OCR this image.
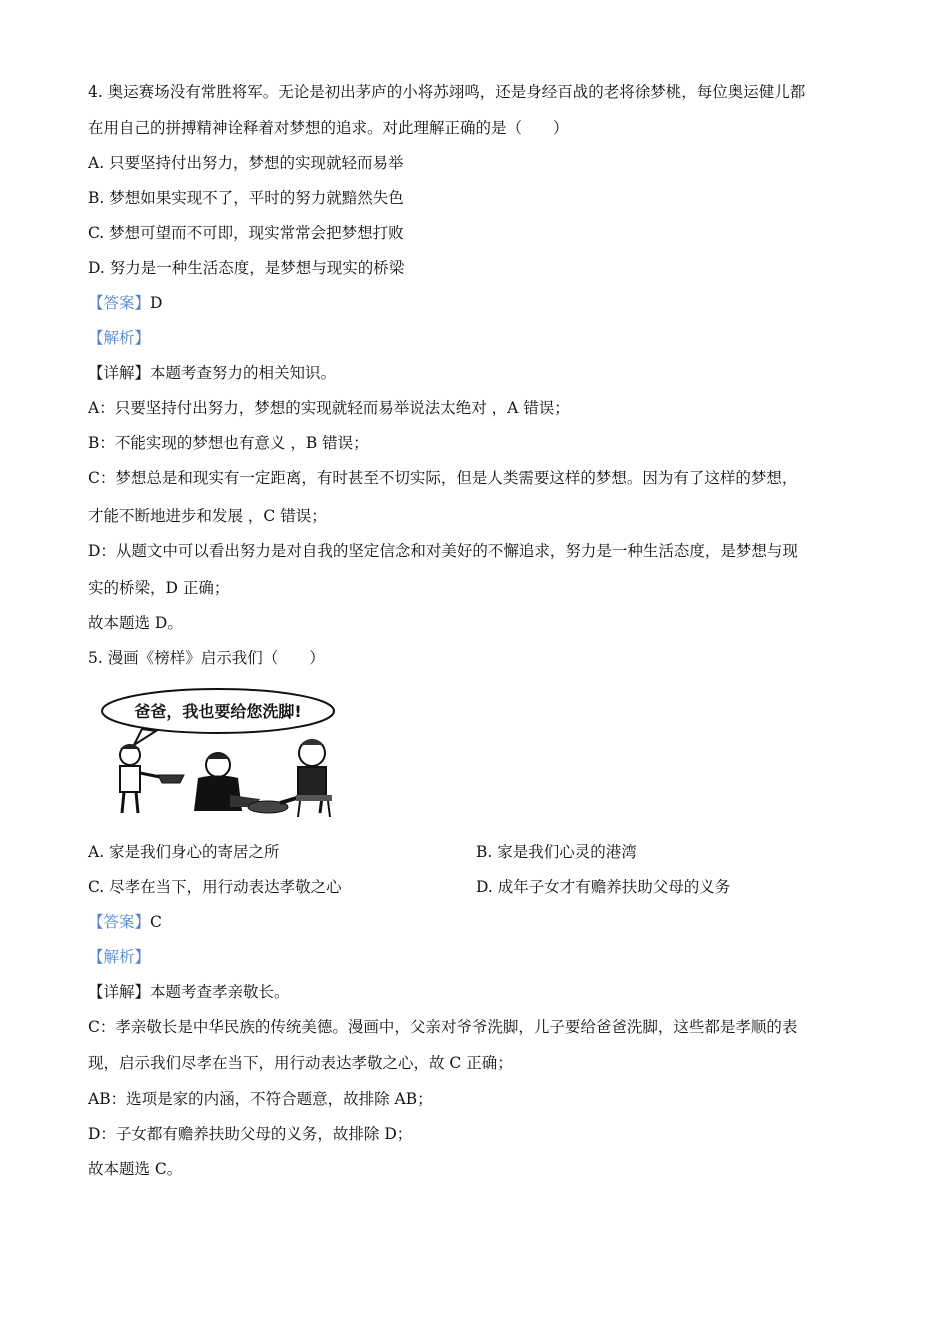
4. 奥运赛场没有常胜将军。无论是初出茅庐的小将苏翊鸣，还是身经百战的老将徐梦桃，每位奥运健儿都
在用自己的拼搏精神诠释着对梦想的追求。对此理解正确的是（　　）
A. 只要坚持付出努力，梦想的实现就轻而易举
B. 梦想如果实现不了，平时的努力就黯然失色
C. 梦想可望而不可即，现实常常会把梦想打败
D. 努力是一种生活态度，是梦想与现实的桥梁
【答案】D
【解析】
【详解】本题考查努力的相关知识。
A：只要坚持付出努力，梦想的实现就轻而易举说法太绝对 ，A 错误；
B：不能实现的梦想也有意义 ，B 错误；
C：梦想总是和现实有一定距离，有时甚至不切实际，但是人类需要这样的梦想。因为有了这样的梦想，
才能不断地进步和发展 ，C 错误；
D：从题文中可以看出努力是对自我的坚定信念和对美好的不懈追求，努力是一种生活态度，是梦想与现
实的桥梁，D 正确；
故本题选 D。
5. 漫画《榜样》启示我们（　　）
爸爸，我也要给您洗脚!
A. 家是我们身心的寄居之所	B. 家是我们心灵的港湾
C. 尽孝在当下，用行动表达孝敬之心	D. 成年子女才有赡养扶助父母的义务
【答案】C
【解析】
【详解】本题考查孝亲敬长。
C：孝亲敬长是中华民族的传统美德。漫画中，父亲对爷爷洗脚，儿子要给爸爸洗脚，这些都是孝顺的表
现，启示我们尽孝在当下，用行动表达孝敬之心，故 C 正确；
AB：选项是家的内涵，不符合题意，故排除 AB；
D：子女都有赡养扶助父母的义务，故排除 D；
故本题选 C。
